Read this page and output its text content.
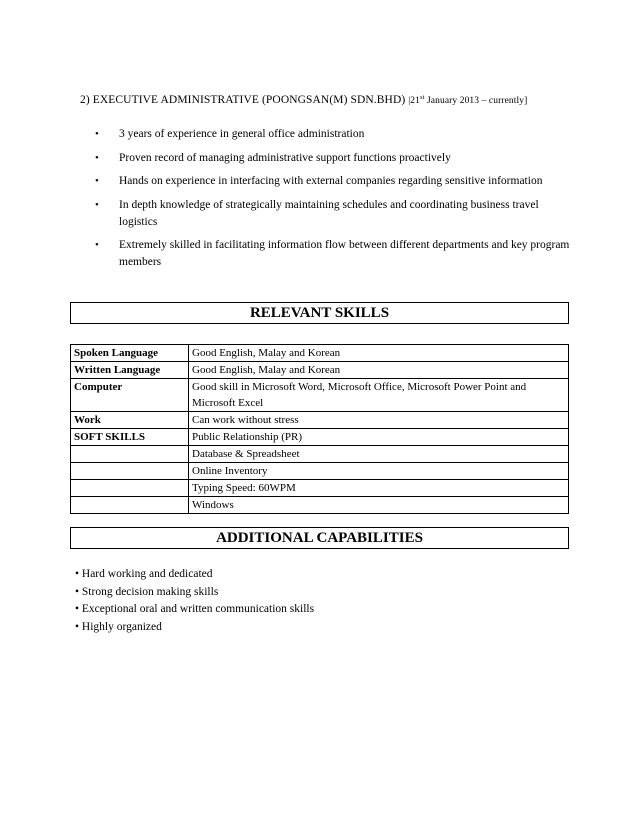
2) EXECUTIVE ADMINISTRATIVE (POONGSAN(M) SDN.BHD) |21st January 2013 – currently]
• 3 years of experience in general office administration
• Proven record of managing administrative support functions proactively
• Hands on experience in interfacing with external companies regarding sensitive information
• In depth knowledge of strategically maintaining schedules and coordinating business travel logistics
• Extremely skilled in facilitating information flow between different departments and key program members
RELEVANT SKILLS
Spoken Language	Good English, Malay and Korean
Written Language	Good English, Malay and Korean
Computer	Good skill in Microsoft Word, Microsoft Office, Microsoft Power Point and Microsoft Excel
Work	Can work without stress
SOFT SKILLS	Public Relationship (PR)
	Database & Spreadsheet
	Online Inventory
	Typing Speed: 60WPM
	Windows
ADDITIONAL CAPABILITIES
• Hard working and dedicated
• Strong decision making skills
• Exceptional oral and written communication skills
• Highly organized
